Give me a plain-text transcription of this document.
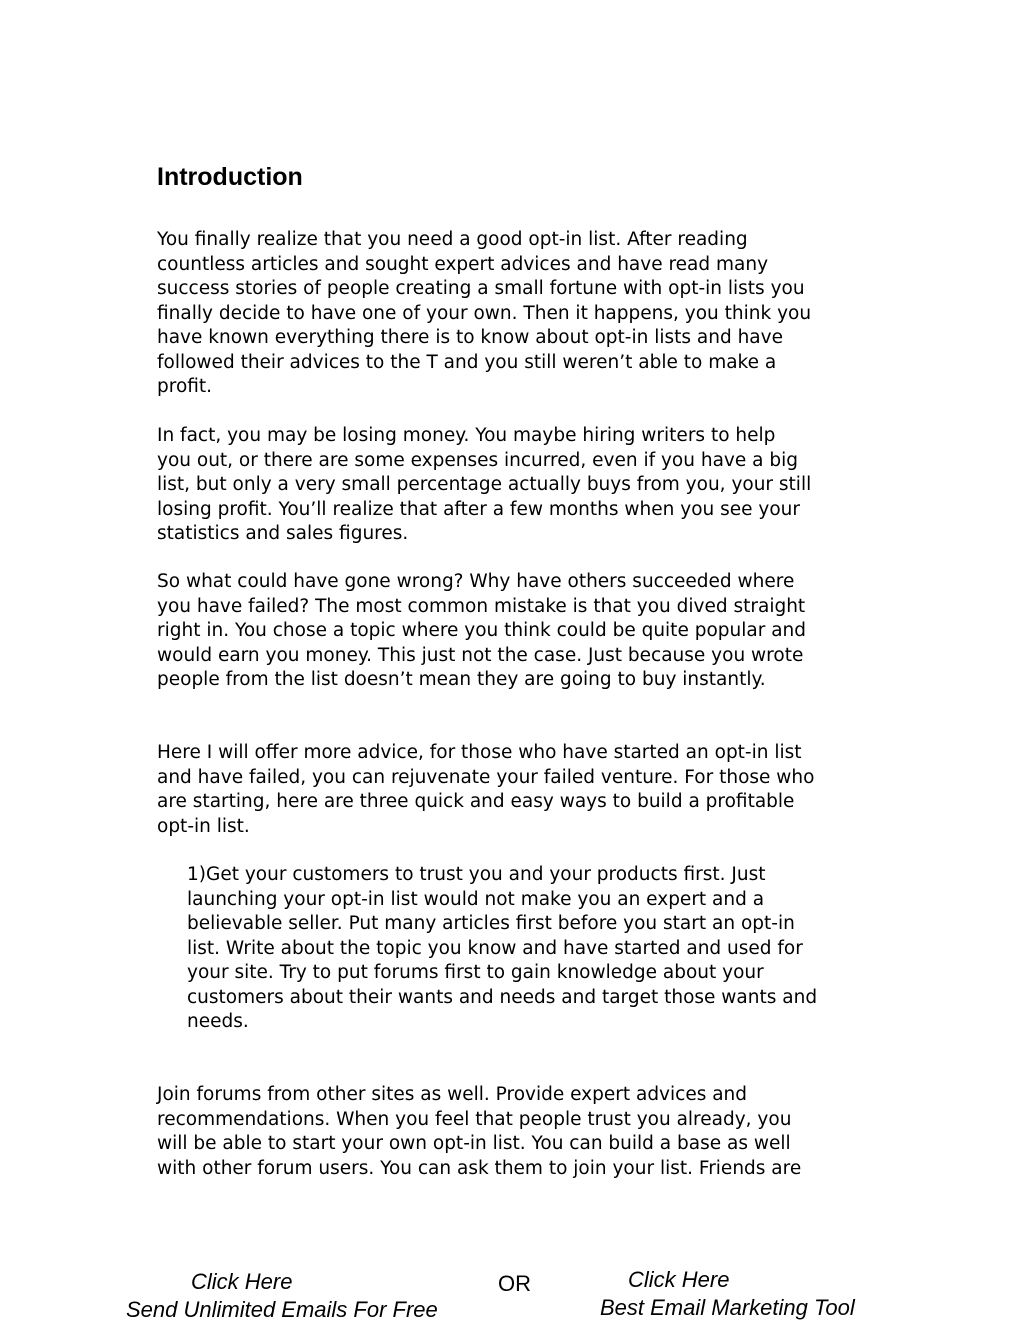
Introduction

You finally realize that you need a good opt-in list. After reading
countless articles and sought expert advices and have read many
success stories of people creating a small fortune with opt-in lists you
finally decide to have one of your own. Then it happens, you think you
have known everything there is to know about opt-in lists and have
followed their advices to the T and you still weren’t able to make a
profit.

In fact, you may be losing money. You maybe hiring writers to help
you out, or there are some expenses incurred, even if you have a big
list, but only a very small percentage actually buys from you, your still
losing profit. You’ll realize that after a few months when you see your
statistics and sales figures.

So what could have gone wrong? Why have others succeeded where
you have failed? The most common mistake is that you dived straight
right in. You chose a topic where you think could be quite popular and
would earn you money. This just not the case. Just because you wrote
people from the list doesn’t mean they are going to buy instantly.

Here I will offer more advice, for those who have started an opt-in list
and have failed, you can rejuvenate your failed venture. For those who
are starting, here are three quick and easy ways to build a profitable
opt-in list.

1)Get your customers to trust you and your products first. Just
launching your opt-in list would not make you an expert and a
believable seller. Put many articles first before you start an opt-in
list. Write about the topic you know and have started and used for
your site. Try to put forums first to gain knowledge about your
customers about their wants and needs and target those wants and
needs.

Join forums from other sites as well. Provide expert advices and
recommendations. When you feel that people trust you already, you
will be able to start your own opt-in list. You can build a base as well
with other forum users. You can ask them to join your list. Friends are

Click Here
Send Unlimited Emails For Free
OR	Click Here
Best Email Marketing Tool
